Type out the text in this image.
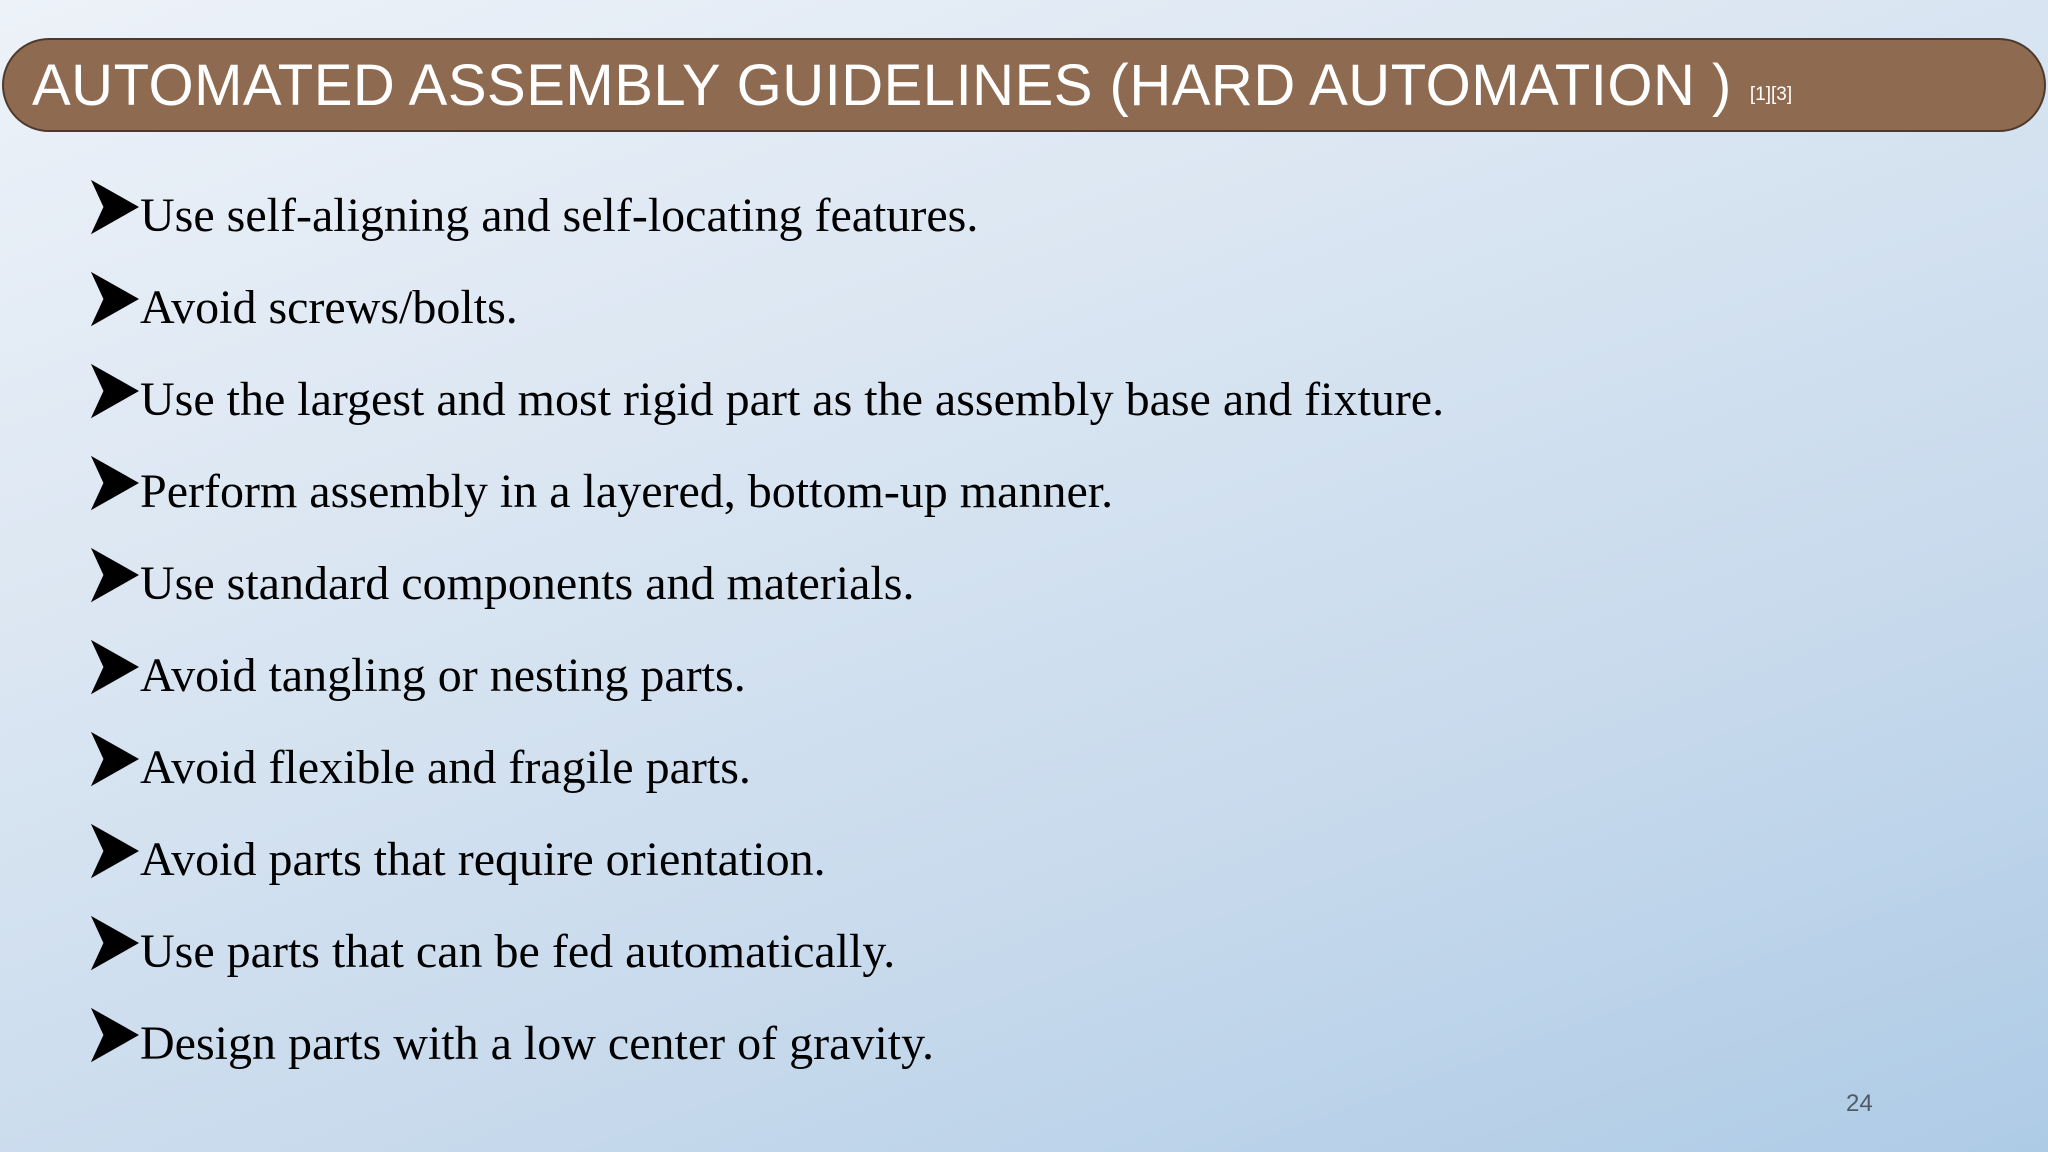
AUTOMATED ASSEMBLY GUIDELINES (HARD AUTOMATION ) [1][3]
Use self-aligning and self-locating features.
Avoid screws/bolts.
Use the largest and most rigid part as the assembly base and fixture.
Perform assembly in a layered, bottom-up manner.
Use standard components and materials.
Avoid tangling or nesting parts.
Avoid flexible and fragile parts.
Avoid parts that require orientation.
Use parts that can be fed automatically.
Design parts with a low center of gravity.
24
